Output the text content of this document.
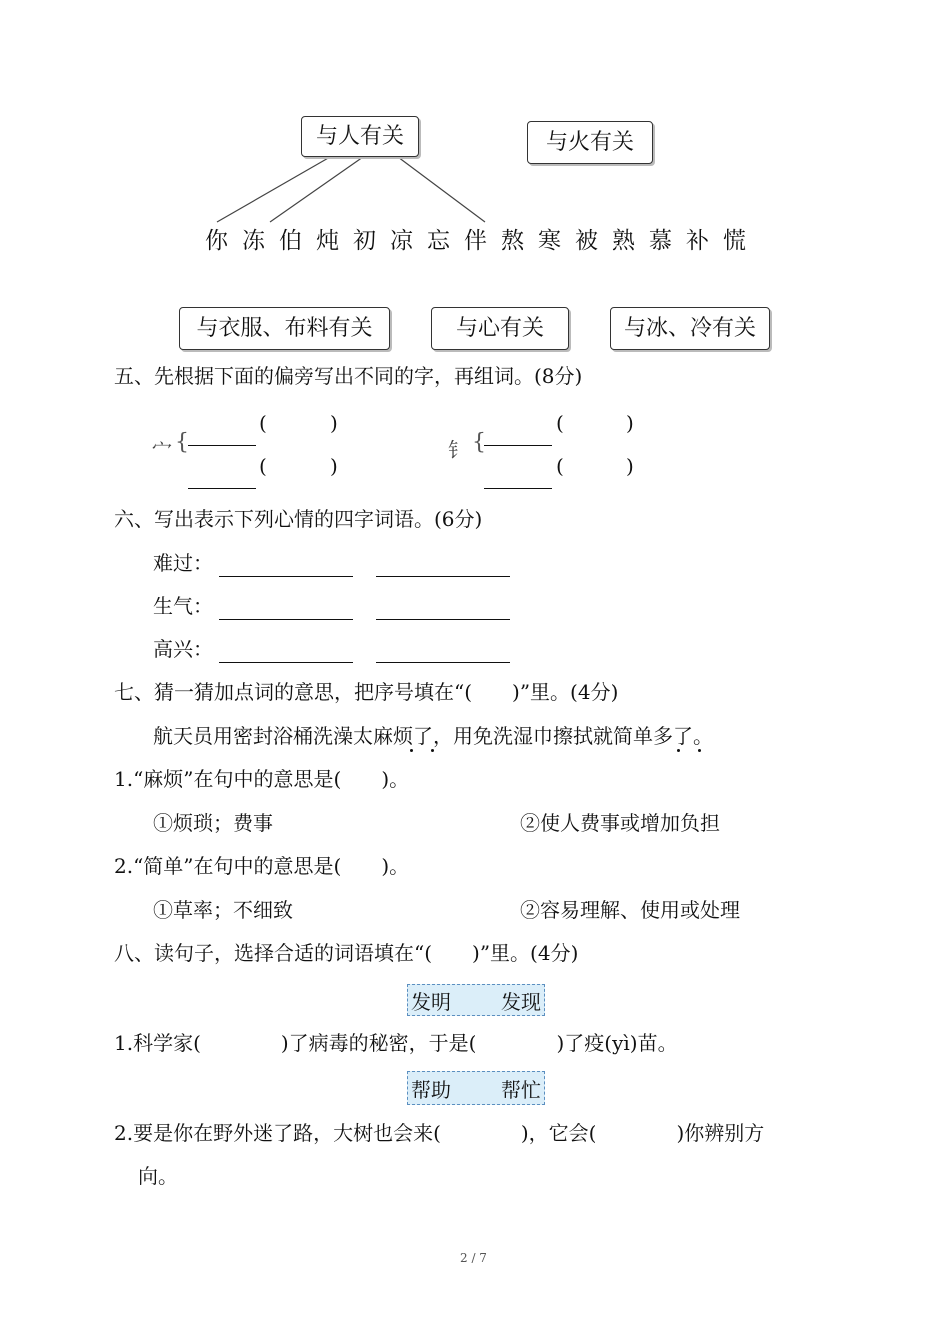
与人有关	与火有关
你 冻 伯 炖 初 凉 忘 伴 熬 寒 被 熟 慕 补 慌
与衣服、布料有关	与心有关	与冰、冷有关
五、先根据下面的偏旁写出不同的字，再组词。(8分)
宀 {
(	)
(	)
钅 {
(	)
(	)
六、写出表示下列心情的四字词语。(6分)
难过：
生气：
高兴：
七、猜一猜加点词的意思，把序号填在“(　　)”里。(4分)
航天员用密封浴桶洗澡太麻烦了，用免洗湿巾擦拭就简单多了。
1.“麻烦”在句中的意思是(　　)。
①烦琐；费事	②使人费事或增加负担
2.“简单”在句中的意思是(　　)。
①草率；不细致	②容易理解、使用或处理
八、读句子，选择合适的词语填在“(　　)”里。(4分)
发明	发现
1.科学家(　　　　)了病毒的秘密，于是(　　　　)了疫(yì)苗。
帮助	帮忙
2.要是你在野外迷了路，大树也会来(　　　　)，它会(　　　　)你辨别方
向。
2 / 7
